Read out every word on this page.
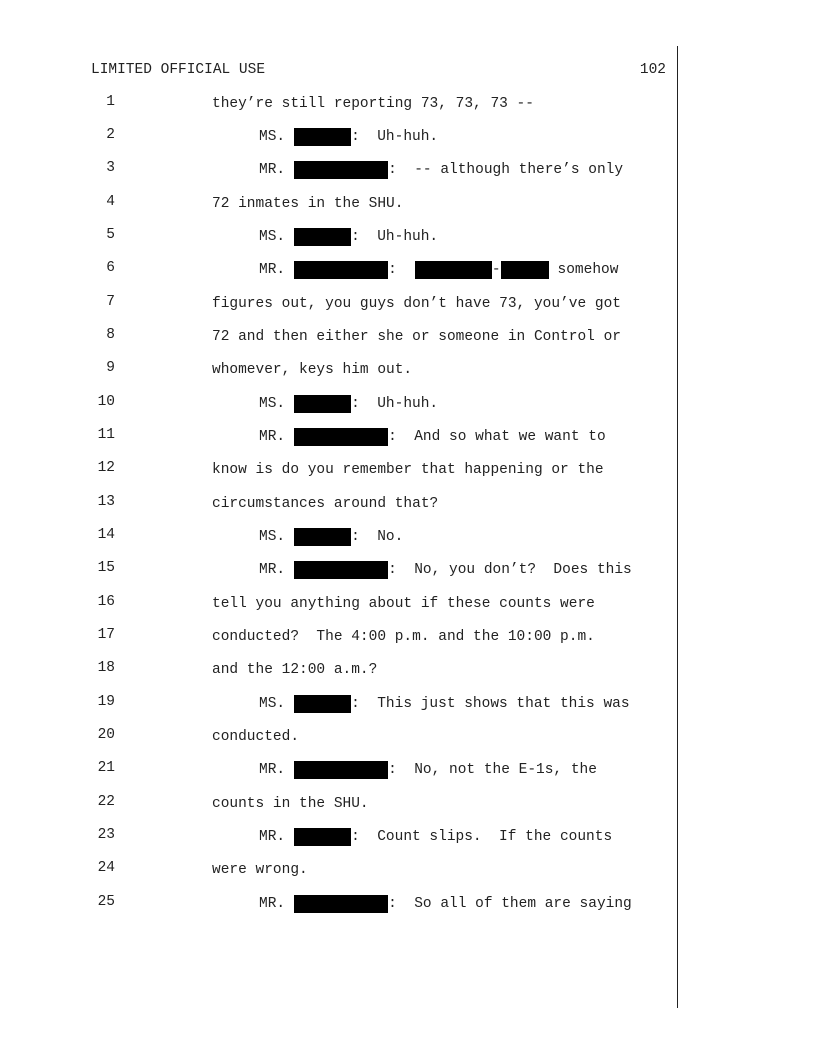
LIMITED OFFICIAL USE	102
1	they’re still reporting 73, 73, 73 --
2	MS.	:  Uh-huh.
3	MR.	:  -- although there’s only
4	72 inmates in the SHU.
5	MS.	:  Uh-huh.
6	MR.	:	-	somehow
7	figures out, you guys don’t have 73, you’ve got
8	72 and then either she or someone in Control or
9	whomever, keys him out.
10	MS.	:  Uh-huh.
11	MR.	:  And so what we want to
12	know is do you remember that happening or the
13	circumstances around that?
14	MS.	:  No.
15	MR.	:  No, you don’t?  Does this
16	tell you anything about if these counts were
17	conducted?  The 4:00 p.m. and the 10:00 p.m.
18	and the 12:00 a.m.?
19	MS.	:  This just shows that this was
20	conducted.
21	MR.	:  No, not the E-1s, the
22	counts in the SHU.
23	MR.	:  Count slips.  If the counts
24	were wrong.
25	MR.	:  So all of them are saying
